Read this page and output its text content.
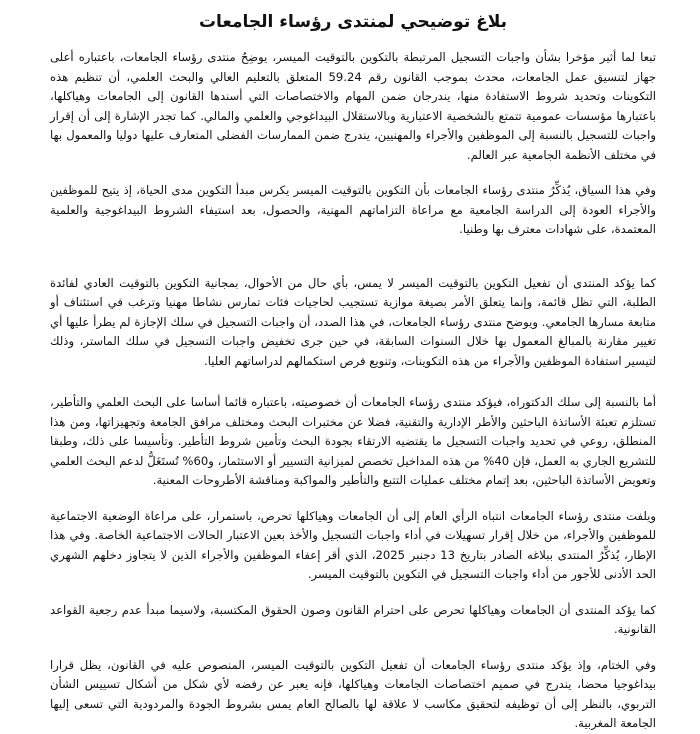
بلاغ توضيحي لمنتدى رؤساء الجامعات

تبعا لما أثير مؤخرا بشأن واجبات التسجيل المرتبطة بالتكوين بالتوقيت الميسر، يوضِحُ منتدى رؤساء الجامعات، باعتباره أعلى جهاز لتنسيق عمل الجامعات، محدث بموجب القانون رقم 59.24 المتعلق بالتعليم العالي والبحث العلمي، أن تنظيم هذه التكوينات وتحديد شروط الاستفادة منها، يندرجان ضمن المهام والاختصاصات التي أسندها القانون إلى الجامعات وهياكلها، باعتبارها مؤسسات عمومية تتمتع بالشخصية الاعتبارية وبالاستقلال البيداغوجي والعلمي والمالي. كما تجدر الإشارة إلى أن إقرار واجبات للتسجيل بالنسبة إلى الموظفين والأجراء والمهنيين، يندرج ضمن الممارسات الفضلى المتعارف عليها دوليا والمعمول بها في مختلف الأنظمة الجامعية عبر العالم.

وفي هذا السياق، يُذكِّرُ منتدى رؤساء الجامعات بأن التكوين بالتوقيت الميسر يكرس مبدأ التكوين مدى الحياة، إذ يتيح للموظفين والأجراء العودة إلى الدراسة الجامعية مع مراعاة التزاماتهم المهنية، والحصول، بعد استيفاء الشروط البيداغوجية والعلمية المعتمدة، على شهادات معترف بها وطنيا.

كما يؤكد المنتدى أن تفعيل التكوين بالتوقيت الميسر لا يمس، بأي حال من الأحوال، بمجانية التكوين بالتوقيت العادي لفائدة الطلبة، التي تظل قائمة، وإنما يتعلق الأمر بصيغة موازية تستجيب لحاجيات فئات تمارس نشاطا مهنيا وترغب في استئناف أو متابعة مسارها الجامعي. ويوضح منتدى رؤساء الجامعات، في هذا الصدد، أن واجبات التسجيل في سلك الإجازة لم يطرأ عليها أي تغيير مقارنة بالمبالغ المعمول بها خلال السنوات السابقة، في حين جرى تخفيض واجبات التسجيل في سلك الماستر، وذلك لتيسير استفادة الموظفين والأجراء من هذه التكوينات، وتنويع فرص استكمالهم لدراساتهم العليا.

أما بالنسبة إلى سلك الدكتوراه، فيؤكد منتدى رؤساء الجامعات أن خصوصيته، باعتباره قائما أساسا على البحث العلمي والتأطير، تستلزم تعبئة الأساتذة الباحثين والأطر الإدارية والتقنية، فضلا عن مختبرات البحث ومختلف مرافق الجامعة وتجهيزاتها، ومن هذا المنطلق، روعي في تحديد واجبات التسجيل ما يقتضيه الارتقاء بجودة البحث وتأمين شروط التأطير. وتأسيسا على ذلك، وطبقا للتشريع الجاري به العمل، فإن 40% من هذه المداخيل تخصص لميزانية التسيير أو الاستثمار، و60% تُستَغَلُّ لدعم البحث العلمي وتعويض الأساتذة الباحثين، بعد إتمام مختلف عمليات التتبع والتأطير والمواكبة ومناقشة الأطروحات المعنية.

ويلفت منتدى رؤساء الجامعات انتباه الرأي العام إلى أن الجامعات وهياكلها تحرص، باستمرار، على مراعاة الوضعية الاجتماعية للموظفين والأجراء، من خلال إقرار تسهيلات في أداء واجبات التسجيل والأخذ بعين الاعتبار الحالات الاجتماعية الخاصة. وفي هذا الإطار، يُذكِّرُ المنتدى ببلاغه الصادر بتاريخ 13 دجنبر 2025، الذي أقر إعفاء الموظفين والأجراء الذين لا يتجاوز دخلهم الشهري الحد الأدنى للأجور من أداء واجبات التسجيل في التكوين بالتوقيت الميسر.

كما يؤكد المنتدى أن الجامعات وهياكلها تحرص على احترام القانون وصون الحقوق المكتسبة، ولاسيما مبدأ عدم رجعية القواعد القانونية.

وفي الختام، وإذ يؤكد منتدى رؤساء الجامعات أن تفعيل التكوين بالتوقيت الميسر، المنصوص عليه في القانون، يظل قرارا بيداغوجيا محضا، يندرج في صميم اختصاصات الجامعات وهياكلها، فإنه يعبر عن رفضه لأي شكل من أشكال تسييس الشأن التربوي، بالنظر إلى أن توظيفه لتحقيق مكاسب لا علاقة لها بالصالح العام يمس بشروط الجودة والمردودية التي تسعى إليها الجامعة المغربية.
